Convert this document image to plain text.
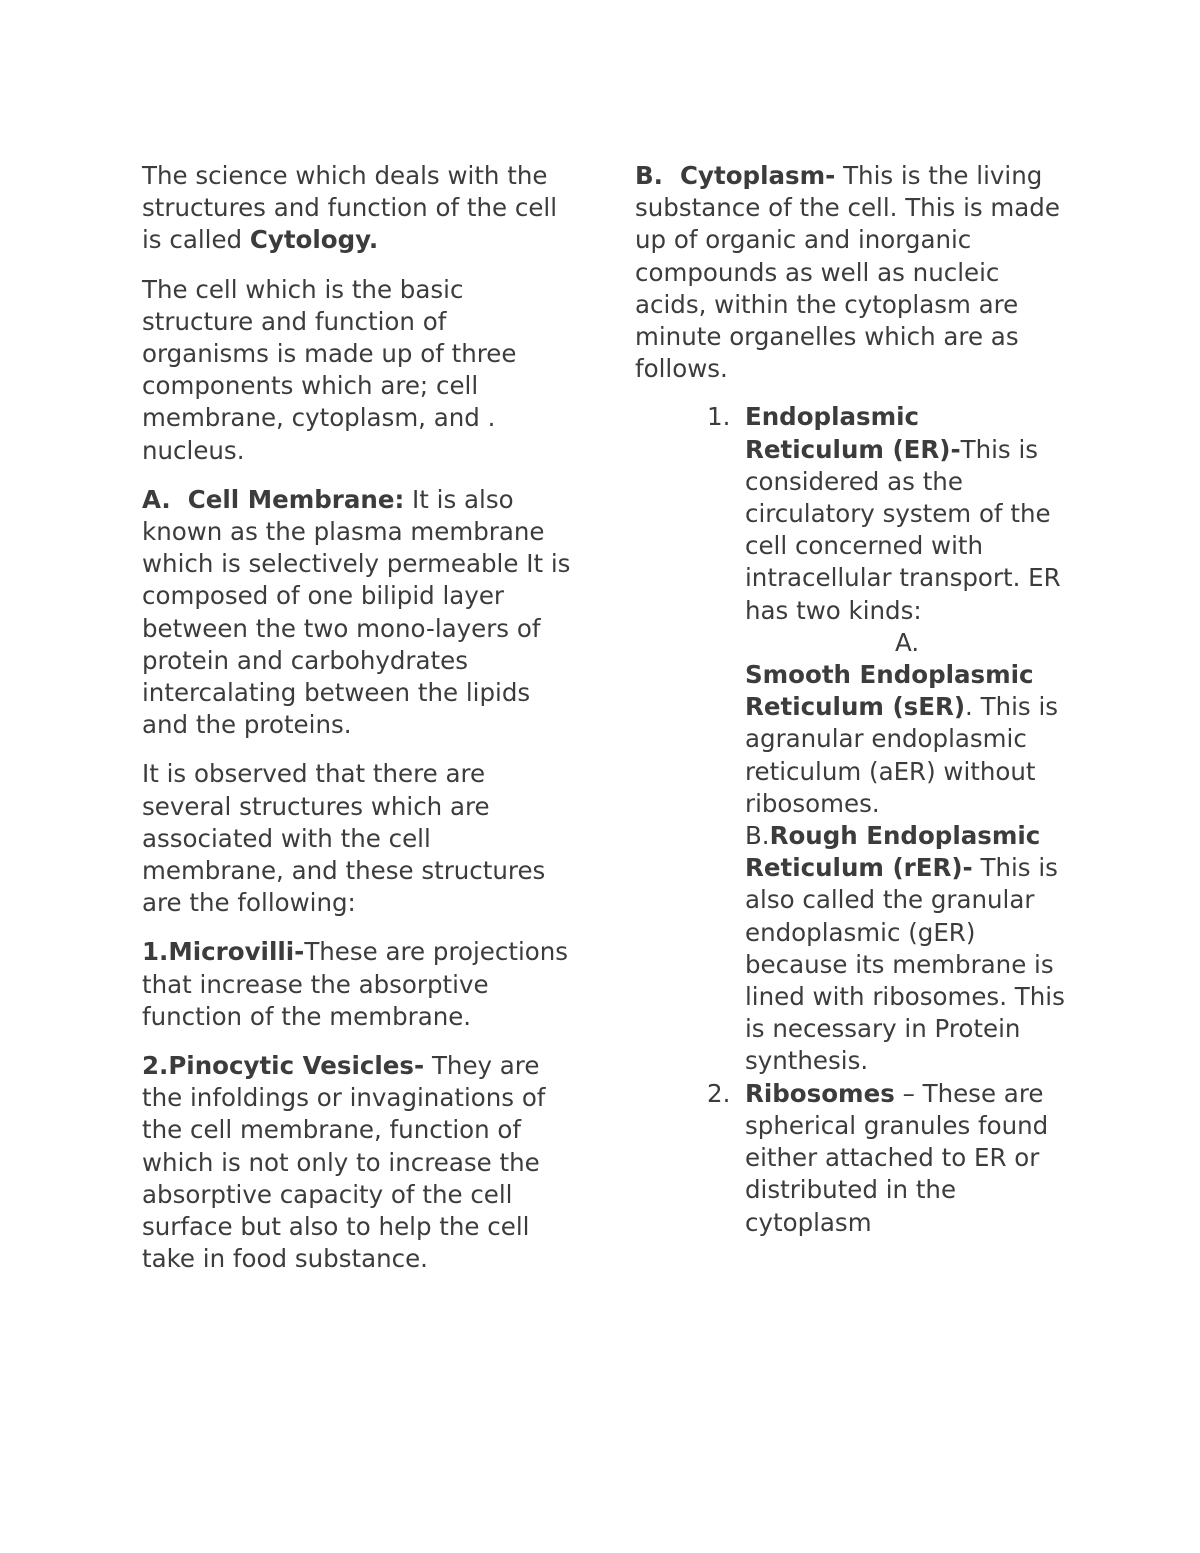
The science which deals with the structures and function of the cell is called Cytology.

The cell which is the basic structure and function of organisms is made up of three components which are; cell membrane, cytoplasm, and . nucleus.

A.  Cell Membrane: It is also known as the plasma membrane which is selectively permeable It is composed of one bilipid layer between the two mono-layers of protein and carbohydrates intercalating between the lipids and the proteins.

It is observed that there are several structures which are associated with the cell membrane, and these structures are the following:

1.Microvilli-These are projections that increase the absorptive function of the membrane.

2.Pinocytic Vesicles- They are the infoldings or invaginations of the cell membrane, function of which is not only to increase the absorptive capacity of the cell surface but also to help the cell take in food substance.

B.  Cytoplasm- This is the living substance of the cell. This is made up of organic and inorganic compounds as well as nucleic acids, within the cytoplasm are minute organelles which are as follows.

1. Endoplasmic Reticulum (ER)-This is considered as the circulatory system of the cell concerned with intracellular transport. ER has two kinds:A.
Smooth Endoplasmic Reticulum (sER). This is agranular endoplasmic reticulum (aER) without ribosomes.
B.Rough Endoplasmic Reticulum (rER)- This is also called the granular endoplasmic (gER) because its membrane is lined with ribosomes. This is necessary in Protein synthesis.
2. Ribosomes – These are spherical granules found either attached to ER or distributed in the cytoplasm
